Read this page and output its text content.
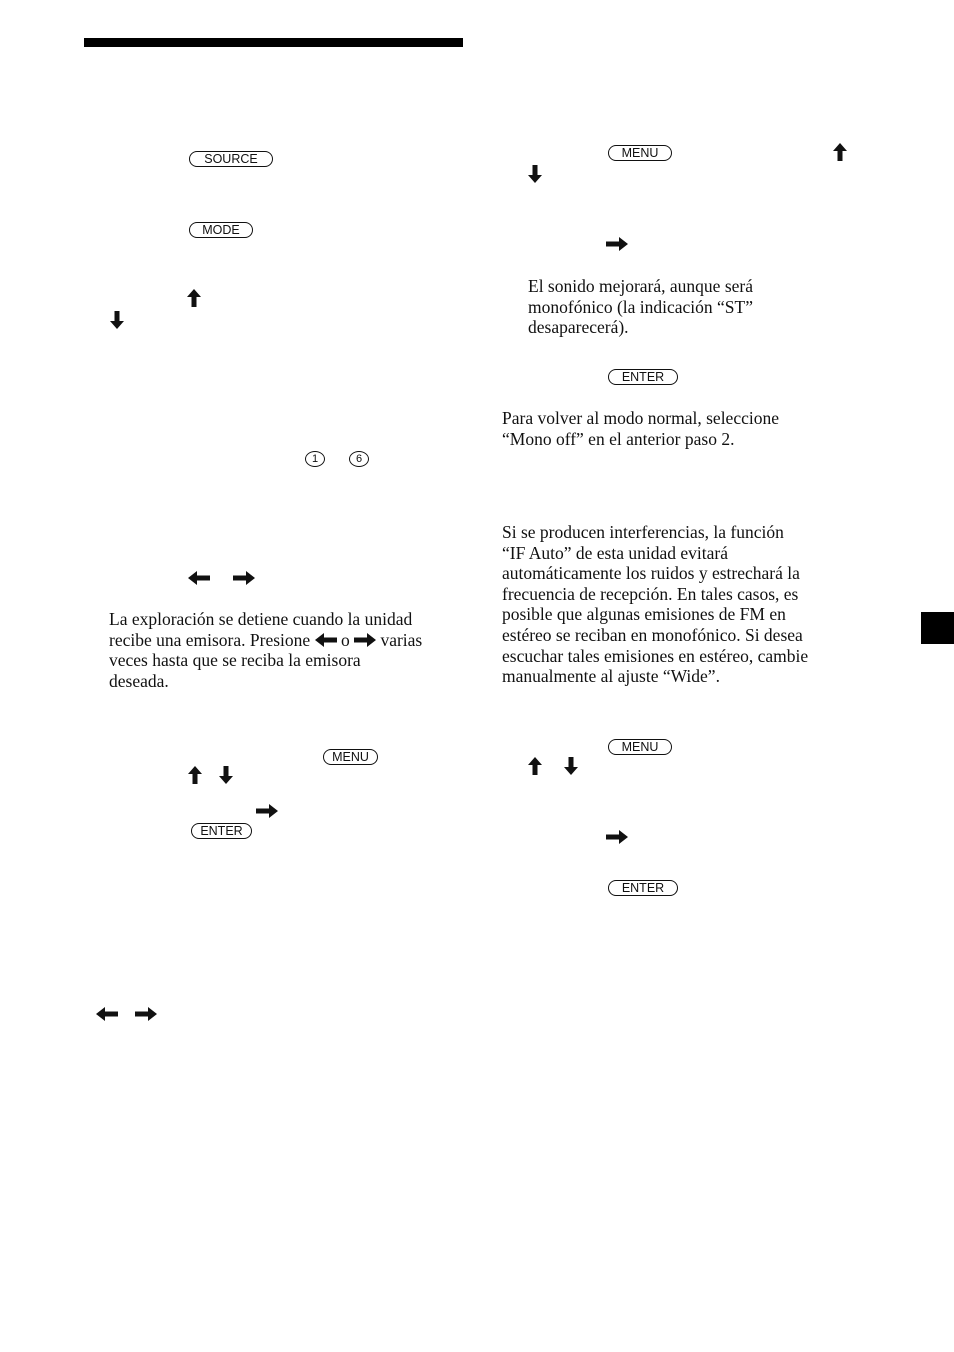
SOURCE
MODE
1	6
La exploración se detiene cuando la unidad
recibe una emisora. Presione o varias
veces hasta que se reciba la emisora
deseada.
MENU
ENTER
MENU
El sonido mejorará, aunque será
monofónico (la indicación “ST”
desaparecerá).
ENTER
Para volver al modo normal, seleccione
“Mono off” en el anterior paso 2.
Si se producen interferencias, la función
“IF Auto” de esta unidad evitará
automáticamente los ruidos y estrechará la
frecuencia de recepción. En tales casos, es
posible que algunas emisiones de FM en
estéreo se reciban en monofónico. Si desea
escuchar tales emisiones en estéreo, cambie
manualmente al ajuste “Wide”.
MENU
ENTER
